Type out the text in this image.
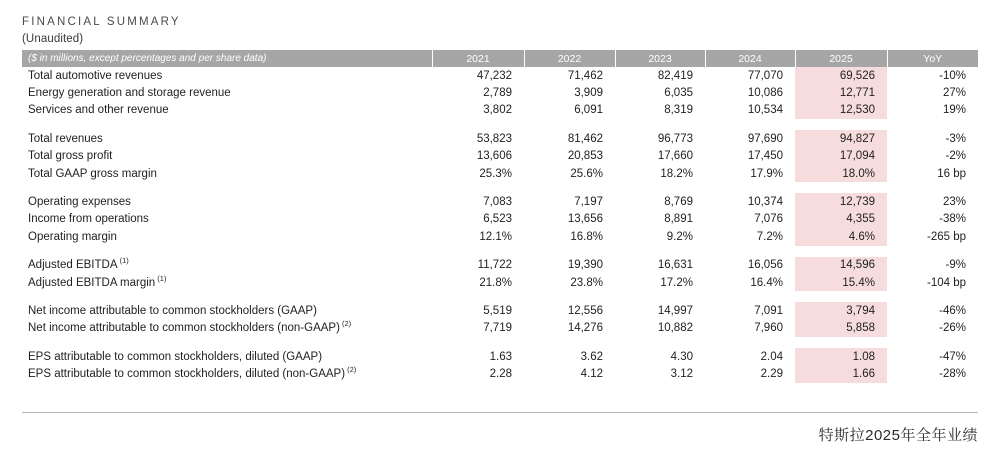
FINANCIAL SUMMARY
(Unaudited)
($ in millions, except percentages and per share data)	2021	2022	2023	2024	2025	YoY
Total automotive revenues	47,232	71,462	82,419	77,070	69,526	-10%
Energy generation and storage revenue	2,789	3,909	6,035	10,086	12,771	27%
Services and other revenue	3,802	6,091	8,319	10,534	12,530	19%

Total revenues	53,823	81,462	96,773	97,690	94,827	-3%
Total gross profit	13,606	20,853	17,660	17,450	17,094	-2%
Total GAAP gross margin	25.3%	25.6%	18.2%	17.9%	18.0%	16 bp

Operating expenses	7,083	7,197	8,769	10,374	12,739	23%
Income from operations	6,523	13,656	8,891	7,076	4,355	-38%
Operating margin	12.1%	16.8%	9.2%	7.2%	4.6%	-265 bp

Adjusted EBITDA $^{(1)}$	11,722	19,390	16,631	16,056	14,596	-9%
Adjusted EBITDA margin $^{(1)}$	21.8%	23.8%	17.2%	16.4%	15.4%	-104 bp

Net income attributable to common stockholders (GAAP)	5,519	12,556	14,997	7,091	3,794	-46%
Net income attributable to common stockholders (non-GAAP) $^{(2)}$	7,719	14,276	10,882	7,960	5,858	-26%

EPS attributable to common stockholders, diluted (GAAP)	1.63	3.62	4.30	2.04	1.08	-47%
EPS attributable to common stockholders, diluted (non-GAAP) $^{(2)}$	2.28	4.12	3.12	2.29	1.66	-28%
特斯拉2025年全年业绩
